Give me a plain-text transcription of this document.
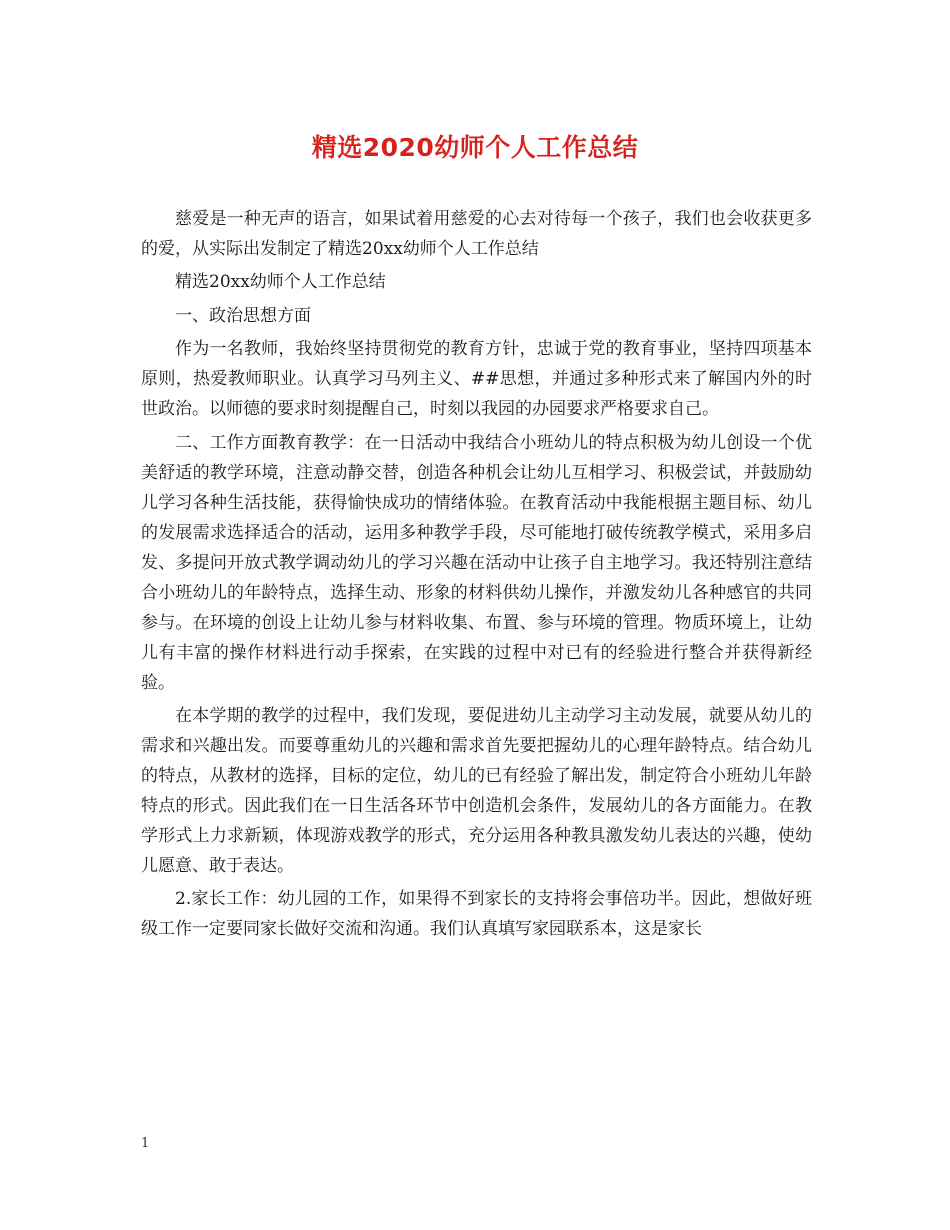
精选2020幼师个人工作总结

慈爱是一种无声的语言，如果试着用慈爱的心去对待每一个孩子，我们也会收获更多的爱，从实际出发制定了精选20xx幼师个人工作总结

精选20xx幼师个人工作总结

一、政治思想方面

作为一名教师，我始终坚持贯彻党的教育方针，忠诚于党的教育事业，坚持四项基本原则，热爱教师职业。认真学习马列主义、##思想，并通过多种形式来了解国内外的时世政治。以师德的要求时刻提醒自己，时刻以我园的办园要求严格要求自己。

二、工作方面教育教学：在一日活动中我结合小班幼儿的特点积极为幼儿创设一个优美舒适的教学环境，注意动静交替，创造各种机会让幼儿互相学习、积极尝试，并鼓励幼儿学习各种生活技能，获得愉快成功的情绪体验。在教育活动中我能根据主题目标、幼儿的发展需求选择适合的活动，运用多种教学手段，尽可能地打破传统教学模式，采用多启发、多提问开放式教学调动幼儿的学习兴趣在活动中让孩子自主地学习。我还特别注意结合小班幼儿的年龄特点，选择生动、形象的材料供幼儿操作，并激发幼儿各种感官的共同参与。在环境的创设上让幼儿参与材料收集、布置、参与环境的管理。物质环境上，让幼儿有丰富的操作材料进行动手探索，在实践的过程中对已有的经验进行整合并获得新经验。

在本学期的教学的过程中，我们发现，要促进幼儿主动学习主动发展，就要从幼儿的需求和兴趣出发。而要尊重幼儿的兴趣和需求首先要把握幼儿的心理年龄特点。结合幼儿的特点，从教材的选择，目标的定位，幼儿的已有经验了解出发，制定符合小班幼儿年龄特点的形式。因此我们在一日生活各环节中创造机会条件，发展幼儿的各方面能力。在教学形式上力求新颖，体现游戏教学的形式，充分运用各种教具激发幼儿表达的兴趣，使幼儿愿意、敢于表达。

2.家长工作：幼儿园的工作，如果得不到家长的支持将会事倍功半。因此，想做好班级工作一定要同家长做好交流和沟通。我们认真填写家园联系本，这是家长

1
